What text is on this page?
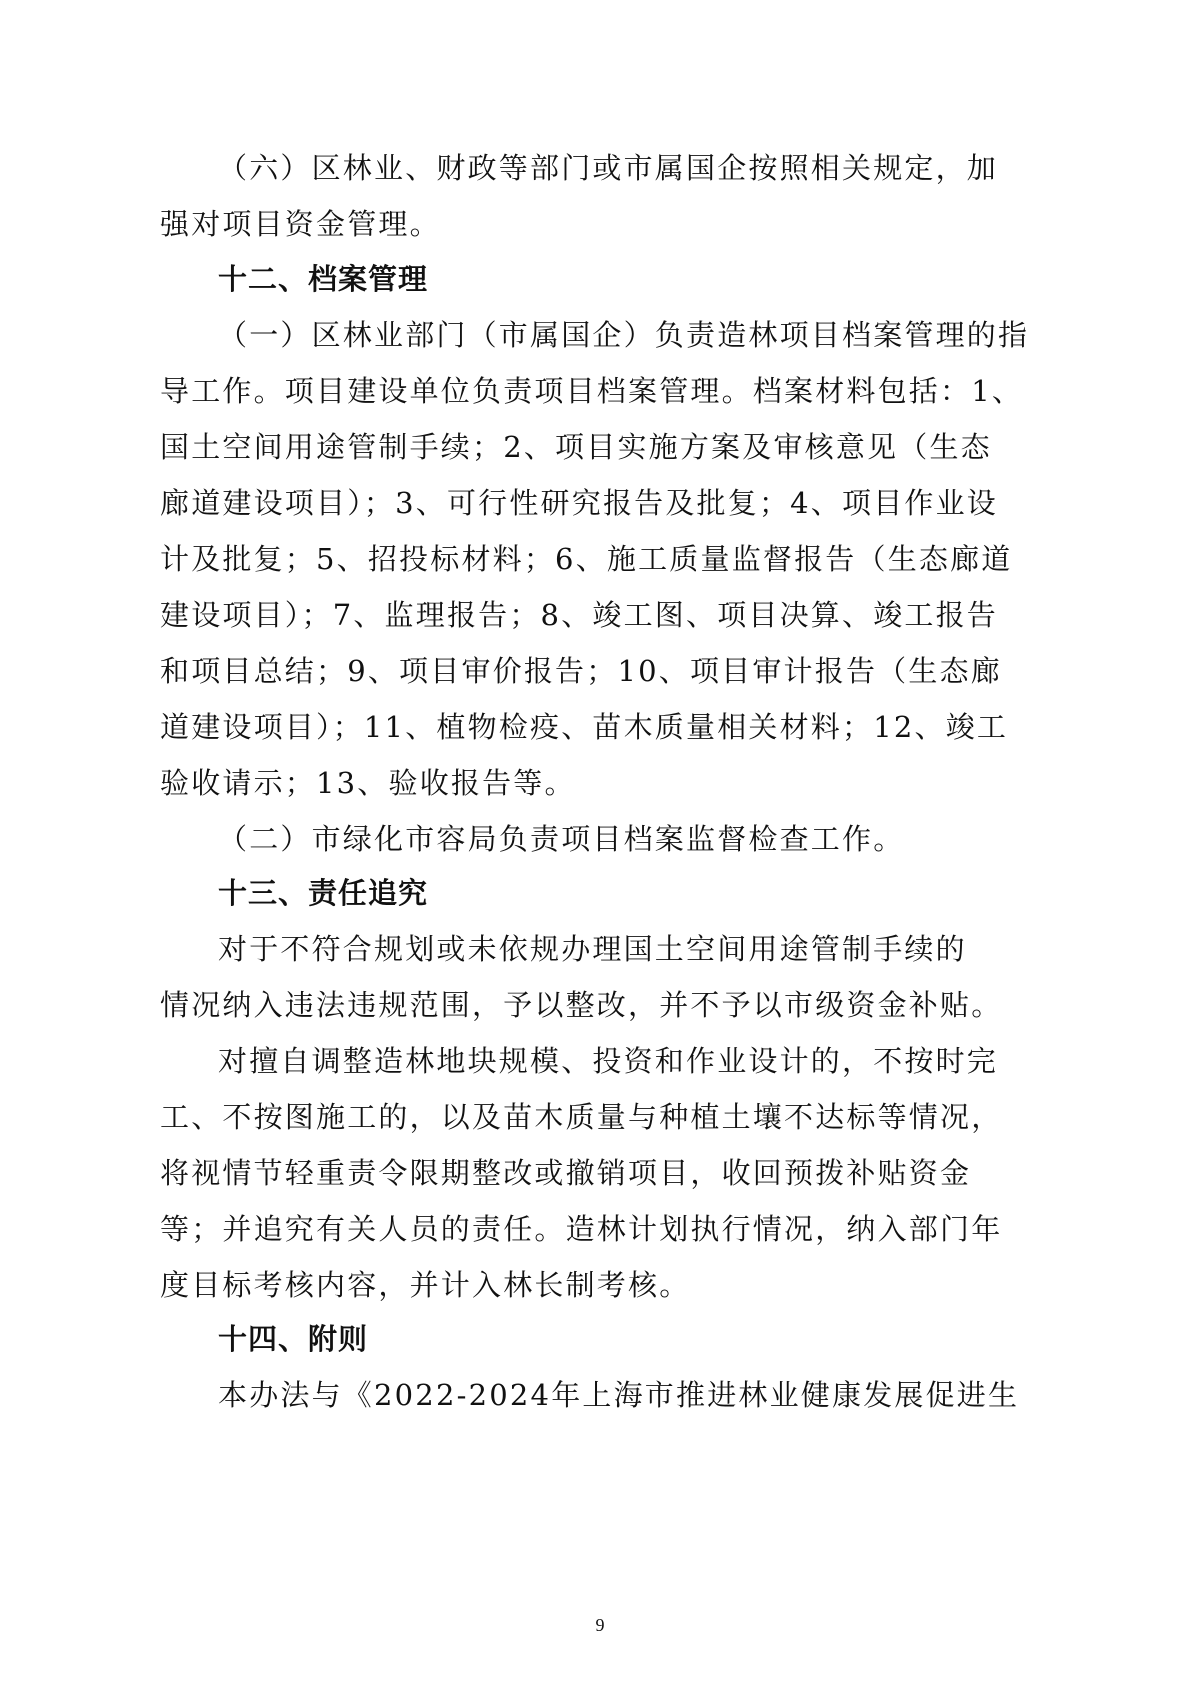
（六）区林业、财政等部门或市属国企按照相关规定，加
强对项目资金管理。
十二、档案管理
（一）区林业部门（市属国企）负责造林项目档案管理的指
导工作。项目建设单位负责项目档案管理。档案材料包括：1、
国土空间用途管制手续；2、项目实施方案及审核意见（生态
廊道建设项目）；3、可行性研究报告及批复；4、项目作业设
计及批复；5、招投标材料；6、施工质量监督报告（生态廊道
建设项目）；7、监理报告；8、竣工图、项目决算、竣工报告
和项目总结；9、项目审价报告；10、项目审计报告（生态廊
道建设项目）；11、植物检疫、苗木质量相关材料；12、竣工
验收请示；13、验收报告等。
（二）市绿化市容局负责项目档案监督检查工作。
十三、责任追究
对于不符合规划或未依规办理国土空间用途管制手续的
情况纳入违法违规范围，予以整改，并不予以市级资金补贴。
对擅自调整造林地块规模、投资和作业设计的，不按时完
工、不按图施工的，以及苗木质量与种植土壤不达标等情况，
将视情节轻重责令限期整改或撤销项目，收回预拨补贴资金
等；并追究有关人员的责任。造林计划执行情况，纳入部门年
度目标考核内容，并计入林长制考核。
十四、附则
本办法与《2022-2024年上海市推进林业健康发展促进生
9
